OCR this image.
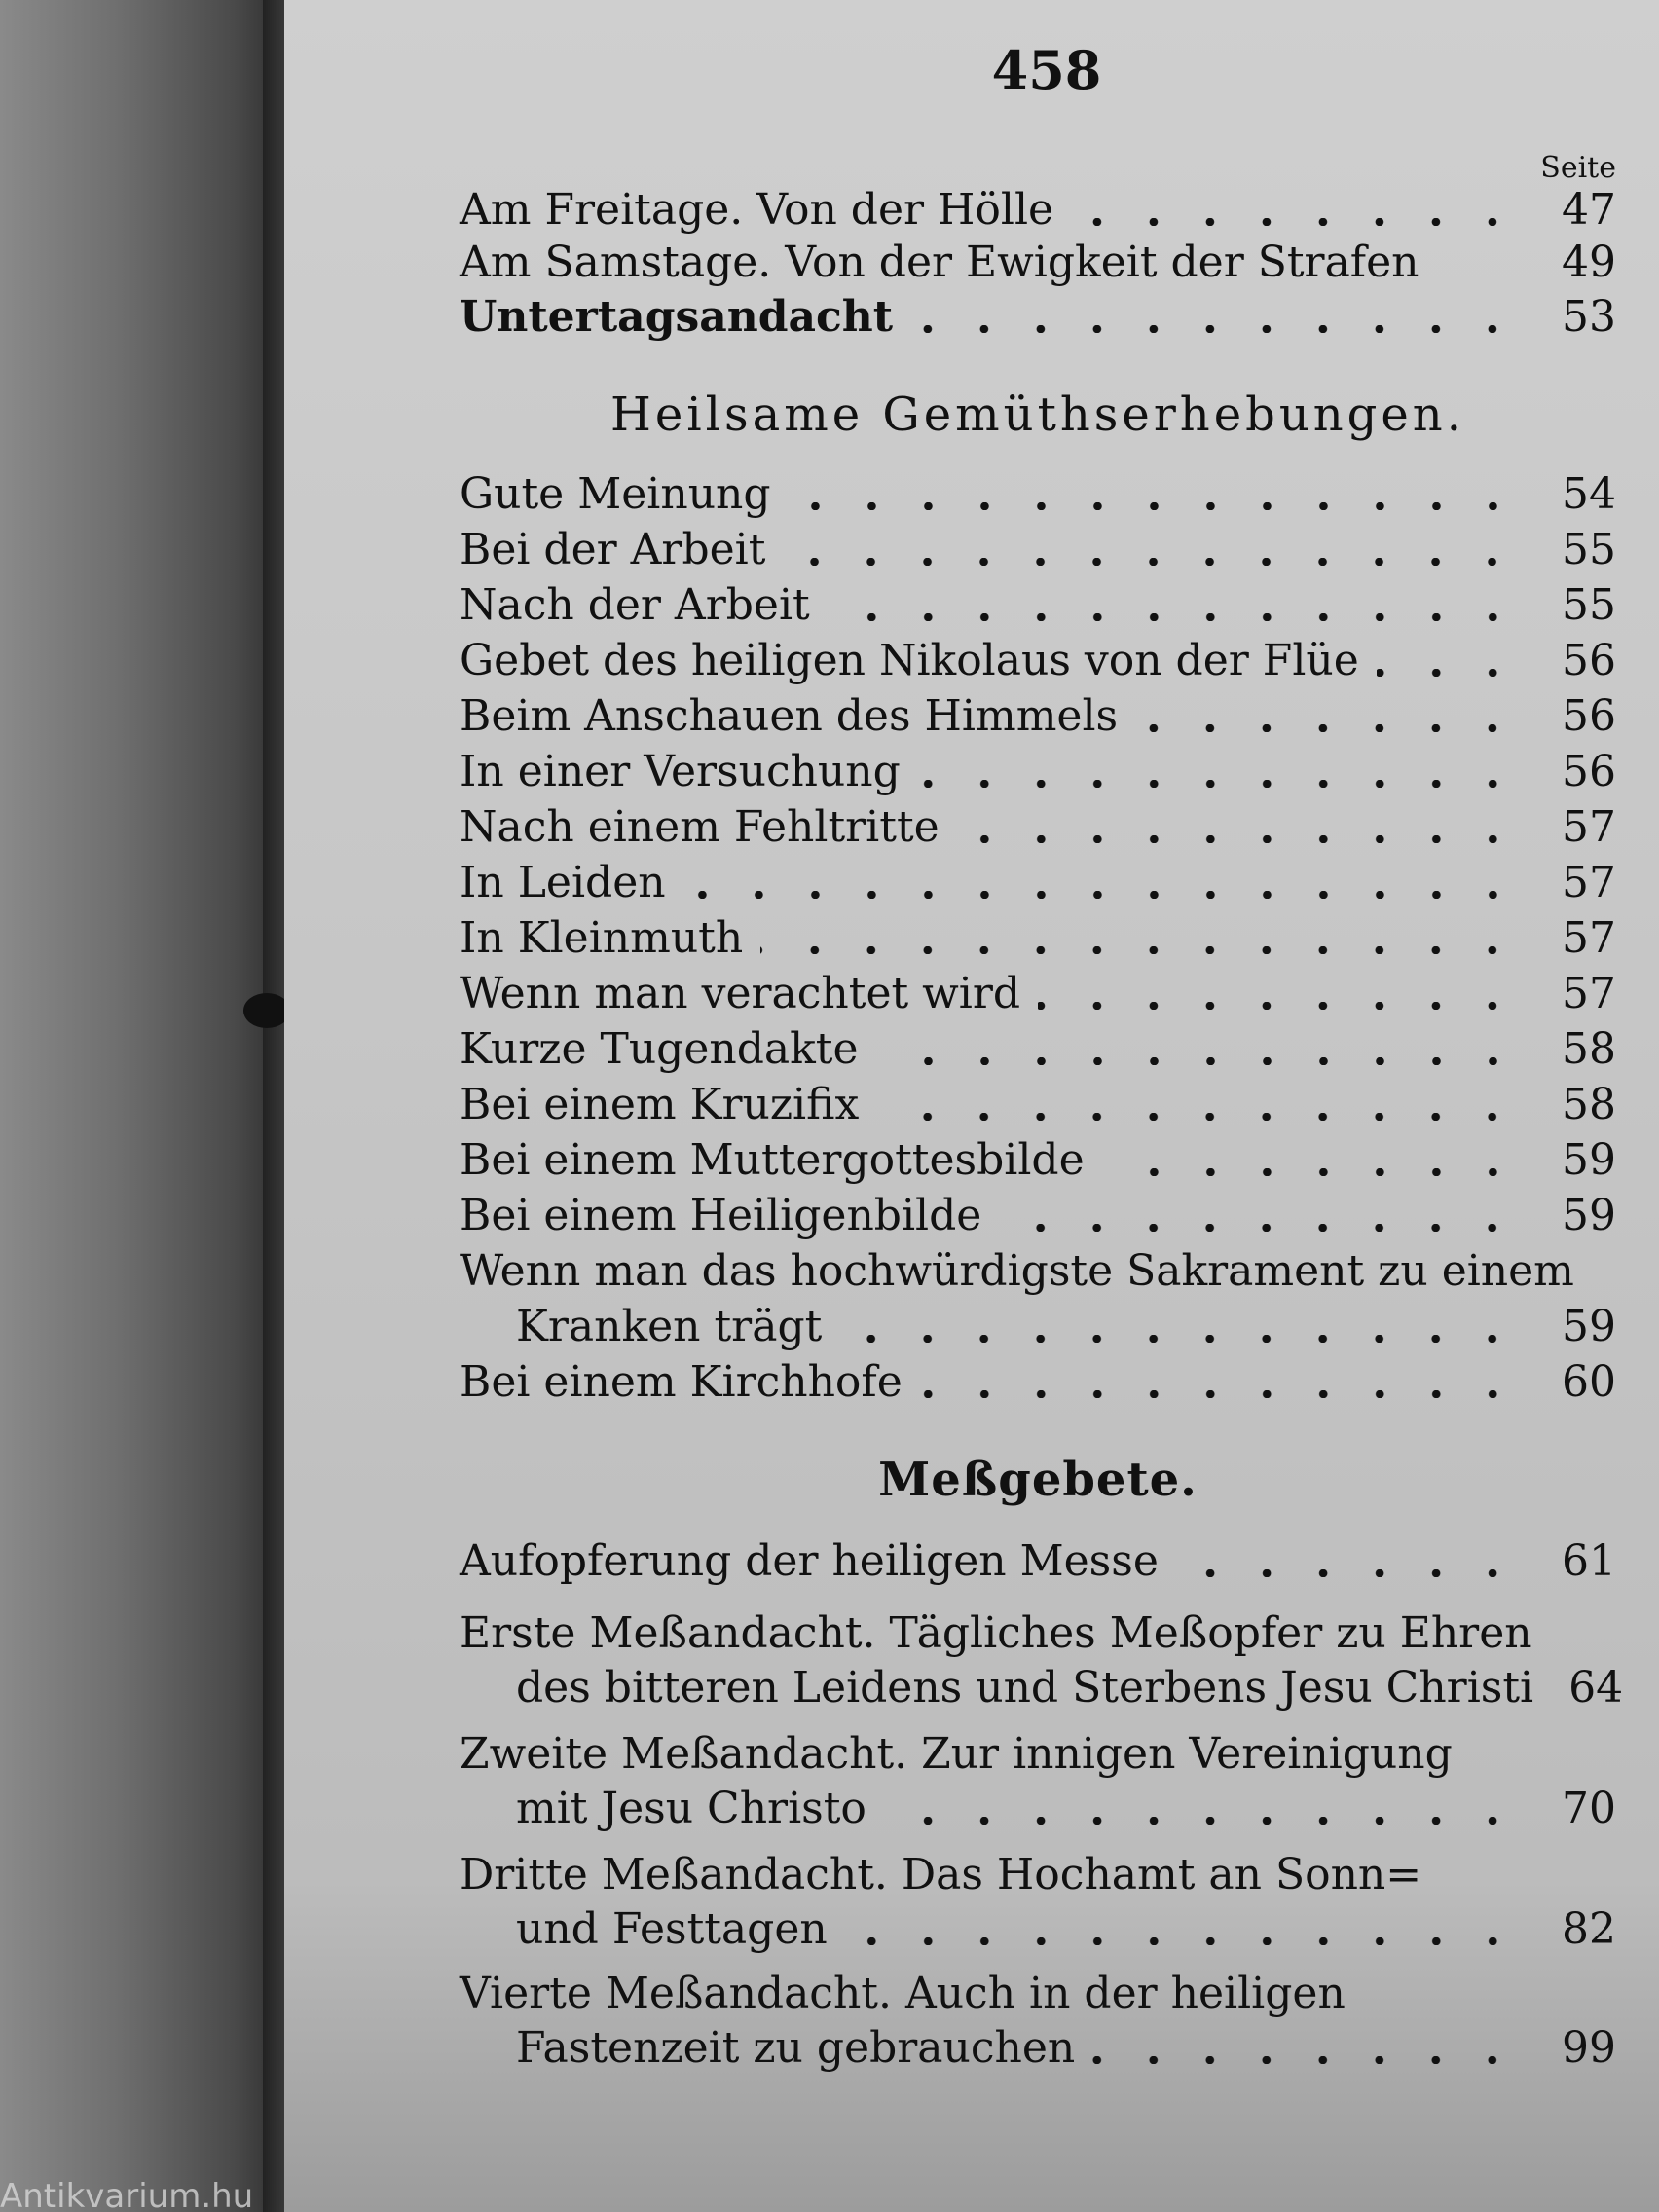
458
Seite
Am Freitage. Von der Hölle	47
Am Samstage. Von der Ewigkeit der Strafen	49
Untertagsandacht	53
Heilsame Gemüthserhebungen.
Gute Meinung	54
Bei der Arbeit	55
Nach der Arbeit	55
Gebet des heiligen Nikolaus von der Flüe	56
Beim Anschauen des Himmels	56
In einer Versuchung	56
Nach einem Fehltritte	57
In Leiden	57
In Kleinmuth	57
Wenn man verachtet wird	57
Kurze Tugendakte	58
Bei einem Kruzifix	58
Bei einem Muttergottesbilde	59
Bei einem Heiligenbilde	59
Wenn man das hochwürdigste Sakrament zu einem
Kranken trägt	59
Bei einem Kirchhofe	60
Meßgebete.
Aufopferung der heiligen Messe	61
Erste Meßandacht. Tägliches Meßopfer zu Ehren
des bitteren Leidens und Sterbens Jesu Christi 64
Zweite Meßandacht. Zur innigen Vereinigung
mit Jesu Christo	70
Dritte Meßandacht. Das Hochamt an Sonn=
und Festtagen	82
Vierte Meßandacht. Auch in der heiligen
Fastenzeit zu gebrauchen	99
Antikvarium.hu
